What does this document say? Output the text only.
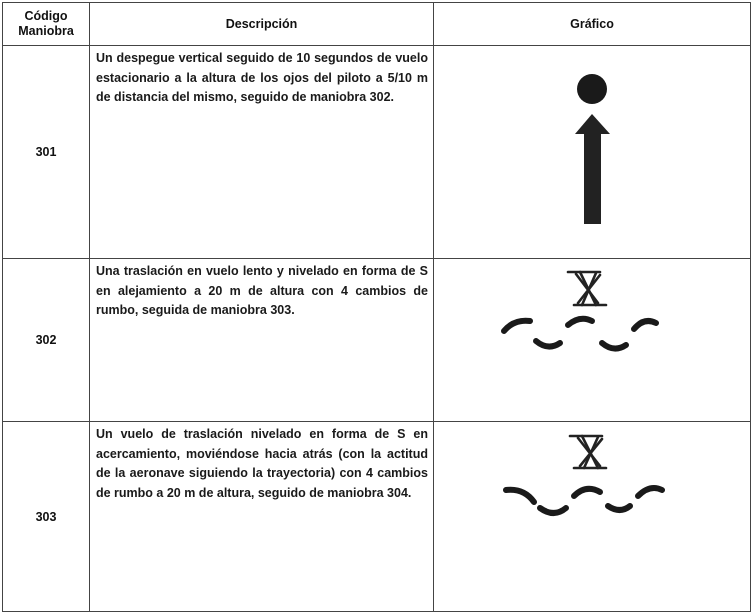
Código
Maniobra	Descripción	Gráfico
301	Un despegue vertical seguido de 10 segundos de vuelo estacionario a la altura de los ojos del piloto a 5/10 m de distancia del mismo, seguido de maniobra 302.

302	Una traslación en vuelo lento y nivelado en forma de S en alejamiento a 20 m de altura con 4 cambios de rumbo, seguida de maniobra 303.

303	Un vuelo de traslación nivelado en forma de S en acercamiento, moviéndose hacia atrás (con la actitud de la aeronave siguiendo la trayectoria) con 4 cambios de rumbo a 20 m de altura, seguido de maniobra 304.
